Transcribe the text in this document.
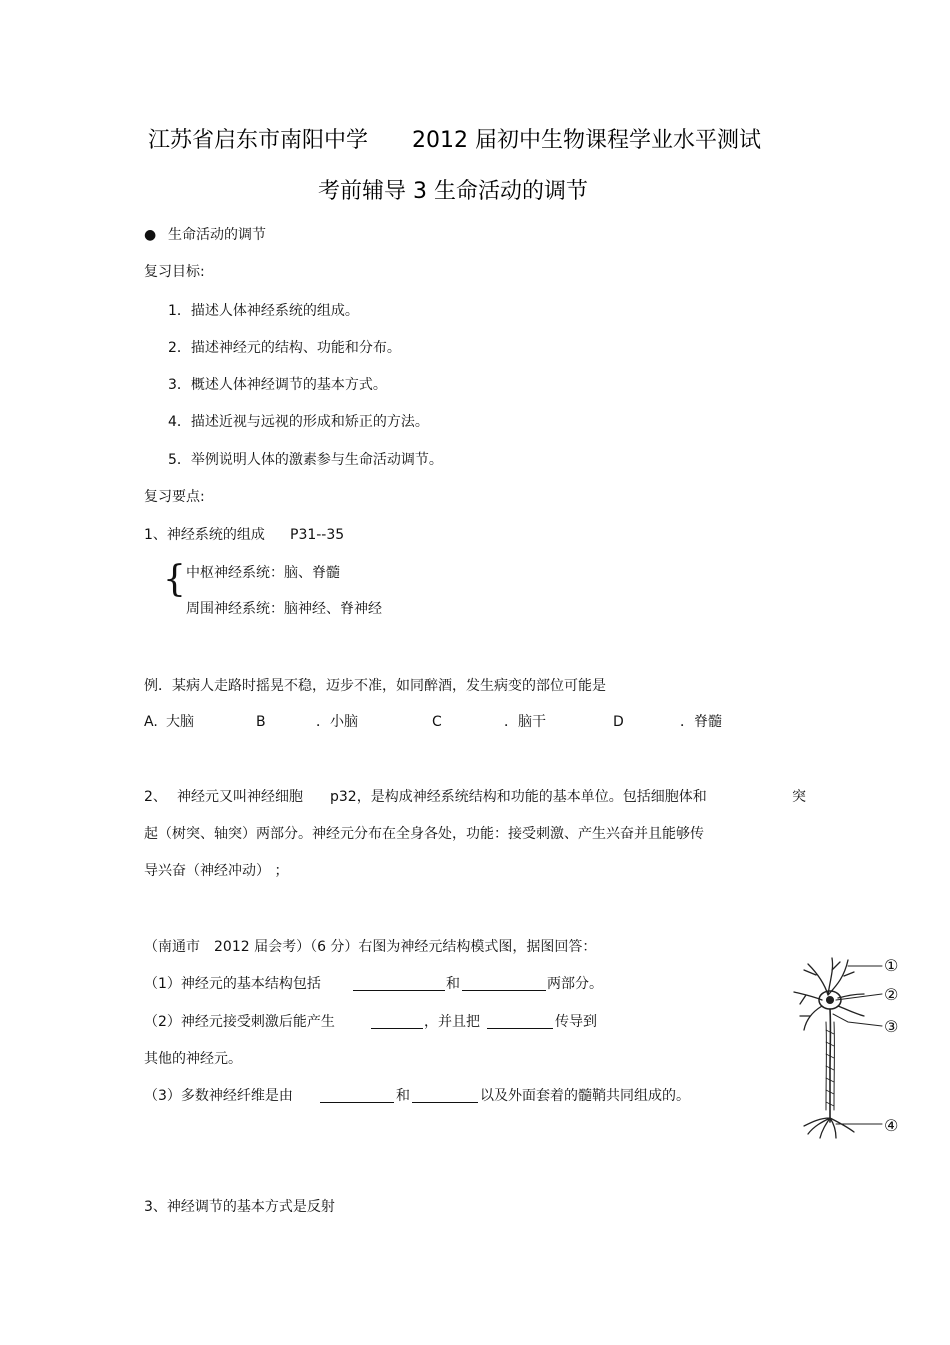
江苏省启东市南阳中学 2012 届初中生物课程学业水平测试
考前辅导 3 生命活动的调节
● 生命活动的调节
复习目标:
1．描述人体神经系统的组成。
2．描述神经元的结构、功能和分布。
3．概述人体神经调节的基本方式。
4．描述近视与远视的形成和矫正的方法。
5．举例说明人体的激素参与生命活动调节。
复习要点:
1、神经系统的组成 P31--35
{ 中枢神经系统：脑、脊髓
周围神经系统：脑神经、脊神经
例．某病人走路时摇晃不稳，迈步不准，如同醉酒，发生病变的部位可能是
A. 大脑	B	．小脑	C	．脑干	D	．脊髓
2、 神经元又叫神经细胞 p32，是构成神经系统结构和功能的基本单位。包括细胞体和	突
起（树突、轴突）两部分。神经元分布在全身各处，功能：接受刺激、产生兴奋并且能够传
导兴奋（神经冲动） ；
（南通市 2012 届会考）（6 分）右图为神经元结构模式图，据图回答：
（1）神经元的基本结构包括	和	两部分。
（2）神经元接受刺激后能产生	，并且把	传导到
其他的神经元。
（3）多数神经纤维是由	和	以及外面套着的髓鞘共同组成的。
①
②
③
④
3、神经调节的基本方式是反射
